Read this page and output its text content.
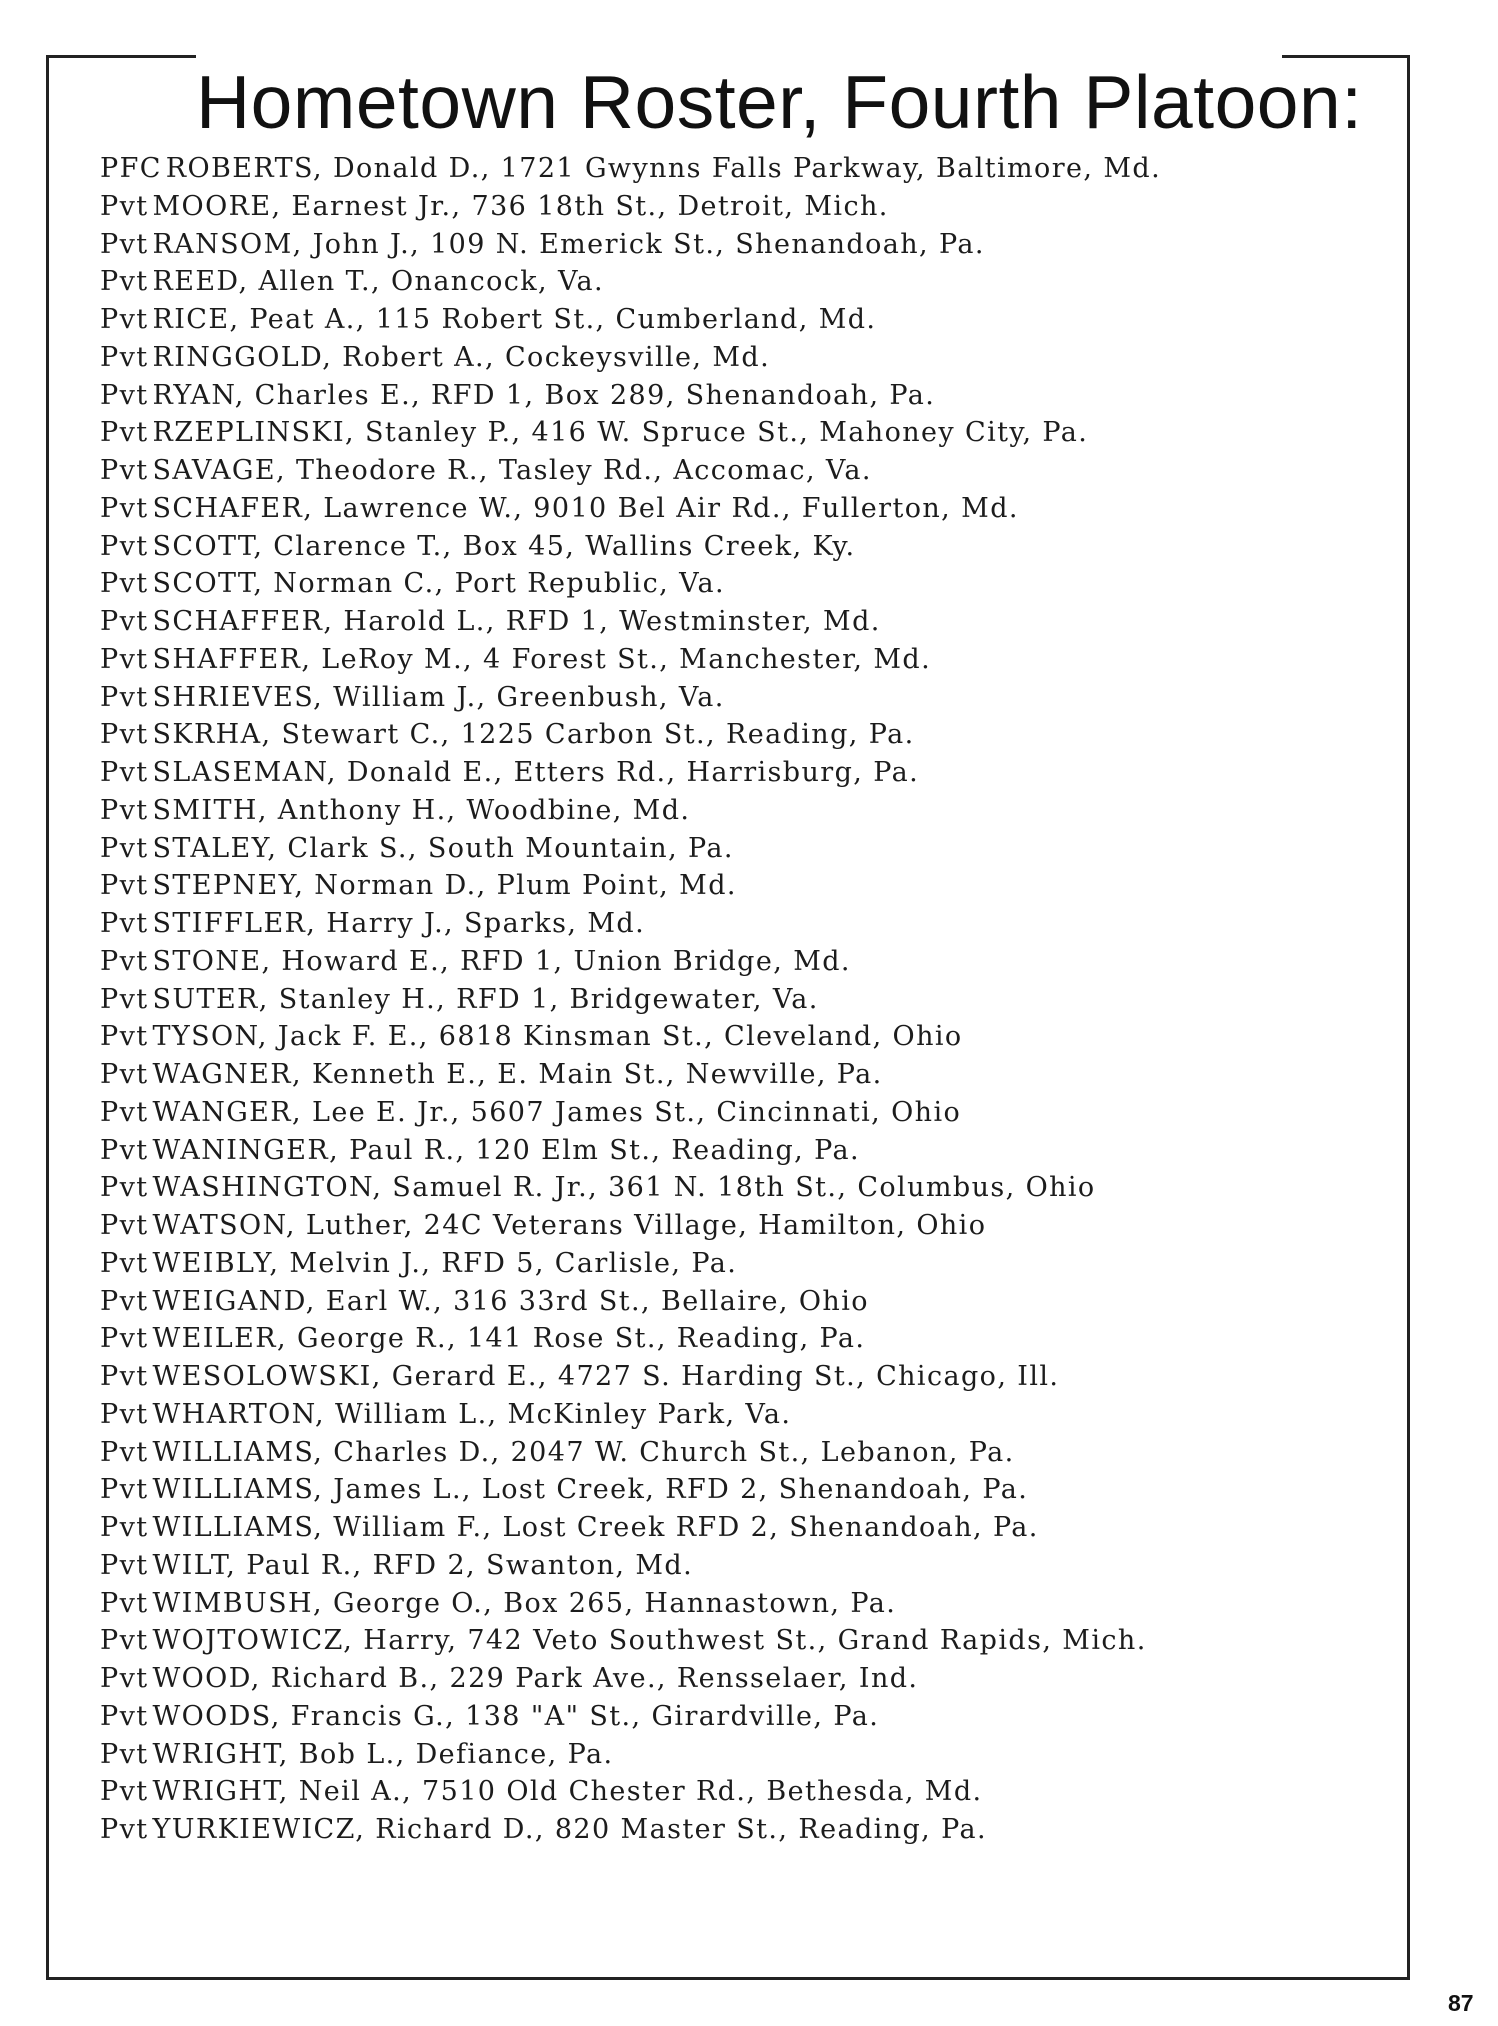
Hometown Roster, Fourth Platoon:
PFC ROBERTS, Donald D., 1721 Gwynns Falls Parkway, Baltimore, Md.
Pvt MOORE, Earnest Jr., 736 18th St., Detroit, Mich.
Pvt RANSOM, John J., 109 N. Emerick St., Shenandoah, Pa.
Pvt REED, Allen T., Onancock, Va.
Pvt RICE, Peat A., 115 Robert St., Cumberland, Md.
Pvt RINGGOLD, Robert A., Cockeysville, Md.
Pvt RYAN, Charles E., RFD 1, Box 289, Shenandoah, Pa.
Pvt RZEPLINSKI, Stanley P., 416 W. Spruce St., Mahoney City, Pa.
Pvt SAVAGE, Theodore R., Tasley Rd., Accomac, Va.
Pvt SCHAFER, Lawrence W., 9010 Bel Air Rd., Fullerton, Md.
Pvt SCOTT, Clarence T., Box 45, Wallins Creek, Ky.
Pvt SCOTT, Norman C., Port Republic, Va.
Pvt SCHAFFER, Harold L., RFD 1, Westminster, Md.
Pvt SHAFFER, LeRoy M., 4 Forest St., Manchester, Md.
Pvt SHRIEVES, William J., Greenbush, Va.
Pvt SKRHA, Stewart C., 1225 Carbon St., Reading, Pa.
Pvt SLASEMAN, Donald E., Etters Rd., Harrisburg, Pa.
Pvt SMITH, Anthony H., Woodbine, Md.
Pvt STALEY, Clark S., South Mountain, Pa.
Pvt STEPNEY, Norman D., Plum Point, Md.
Pvt STIFFLER, Harry J., Sparks, Md.
Pvt STONE, Howard E., RFD 1, Union Bridge, Md.
Pvt SUTER, Stanley H., RFD 1, Bridgewater, Va.
Pvt TYSON, Jack F. E., 6818 Kinsman St., Cleveland, Ohio
Pvt WAGNER, Kenneth E., E. Main St., Newville, Pa.
Pvt WANGER, Lee E. Jr., 5607 James St., Cincinnati, Ohio
Pvt WANINGER, Paul R., 120 Elm St., Reading, Pa.
Pvt WASHINGTON, Samuel R. Jr., 361 N. 18th St., Columbus, Ohio
Pvt WATSON, Luther, 24C Veterans Village, Hamilton, Ohio
Pvt WEIBLY, Melvin J., RFD 5, Carlisle, Pa.
Pvt WEIGAND, Earl W., 316 33rd St., Bellaire, Ohio
Pvt WEILER, George R., 141 Rose St., Reading, Pa.
Pvt WESOLOWSKI, Gerard E., 4727 S. Harding St., Chicago, Ill.
Pvt WHARTON, William L., McKinley Park, Va.
Pvt WILLIAMS, Charles D., 2047 W. Church St., Lebanon, Pa.
Pvt WILLIAMS, James L., Lost Creek, RFD 2, Shenandoah, Pa.
Pvt WILLIAMS, William F., Lost Creek RFD 2, Shenandoah, Pa.
Pvt WILT, Paul R., RFD 2, Swanton, Md.
Pvt WIMBUSH, George O., Box 265, Hannastown, Pa.
Pvt WOJTOWICZ, Harry, 742 Veto Southwest St., Grand Rapids, Mich.
Pvt WOOD, Richard B., 229 Park Ave., Rensselaer, Ind.
Pvt WOODS, Francis G., 138 "A" St., Girardville, Pa.
Pvt WRIGHT, Bob L., Defiance, Pa.
Pvt WRIGHT, Neil A., 7510 Old Chester Rd., Bethesda, Md.
Pvt YURKIEWICZ, Richard D., 820 Master St., Reading, Pa.
87
